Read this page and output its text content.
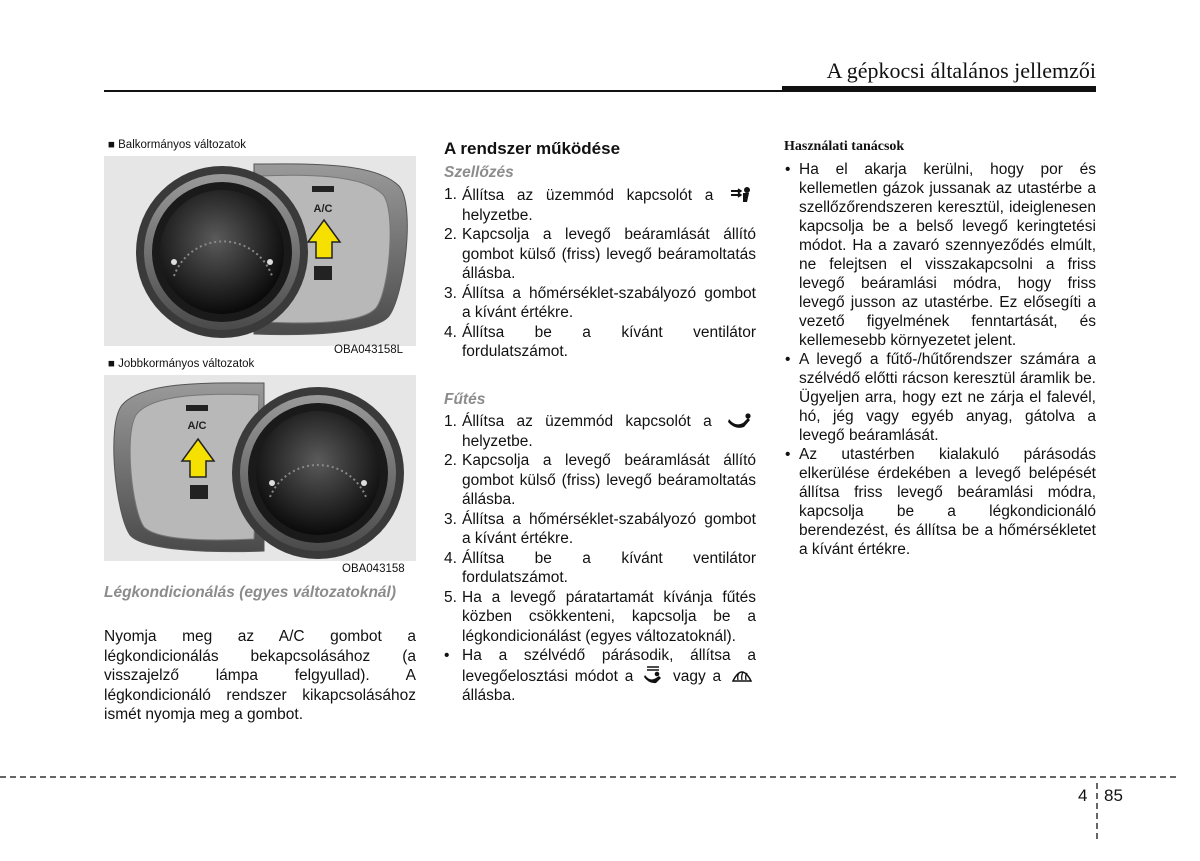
A gépkocsi általános jellemzői
■ Balkormányos változatok
A/C
OBA043158L
■ Jobbkormányos változatok
A/C
OBA043158
Légkondicionálás (egyes változatoknál)
Nyomja meg az A/C gombot a légkondicionálás bekapcsolásához (a visszajelző lámpa felgyullad). A légkondicionáló rendszer kikapcsolásához ismét nyomja meg a gombot.
A rendszer működése
Szellőzés
1. Állítsa az üzemmód kapcsolót a  helyzetbe.
2. Kapcsolja a levegő beáramlását állító gombot külső (friss) levegő beáramoltatás állásba.
3. Állítsa a hőmérséklet-szabályozó gombot a kívánt értékre.
4. Állítsa be a kívánt ventilátor fordulatszámot.
Fűtés
1. Állítsa az üzemmód kapcsolót a  helyzetbe.
2. Kapcsolja a levegő beáramlását állító gombot külső (friss) levegő beáramoltatás állásba.
3. Állítsa a hőmérséklet-szabályozó gombot a kívánt értékre.
4. Állítsa be a kívánt ventilátor fordulatszámot.
5. Ha a levegő páratartamát kívánja fűtés közben csökkenteni, kapcsolja be a légkondicionálást (egyes változatoknál).
• Ha a szélvédő párásodik, állítsa a levegőelosztási módot a	vagy a  állásba.
Használati tanácsok
• Ha el akarja kerülni, hogy por és kellemetlen gázok jussanak az utastérbe a szellőzőrendszeren keresztül, ideiglenesen kapcsolja be a belső levegő keringtetési módot. Ha a zavaró szennyeződés elmúlt, ne felejtsen el visszakapcsolni a friss levegő beáramlási módra, hogy friss levegő jusson az utastérbe. Ez elősegíti a vezető figyelmének fenntartását, és kellemesebb környezetet jelent.
• A levegő a fűtő-/hűtőrendszer számára a szélvédő előtti rácson keresztül áramlik be. Ügyeljen arra, hogy ezt ne zárja el falevél, hó, jég vagy egyéb anyag, gátolva a levegő beáramlását.
• Az utastérben kialakuló párásodás elkerülése érdekében a levegő belépését állítsa friss levegő beáramlási módra, kapcsolja be a légkondicionáló berendezést, és állítsa be a hőmérsékletet a kívánt értékre.
4 85
